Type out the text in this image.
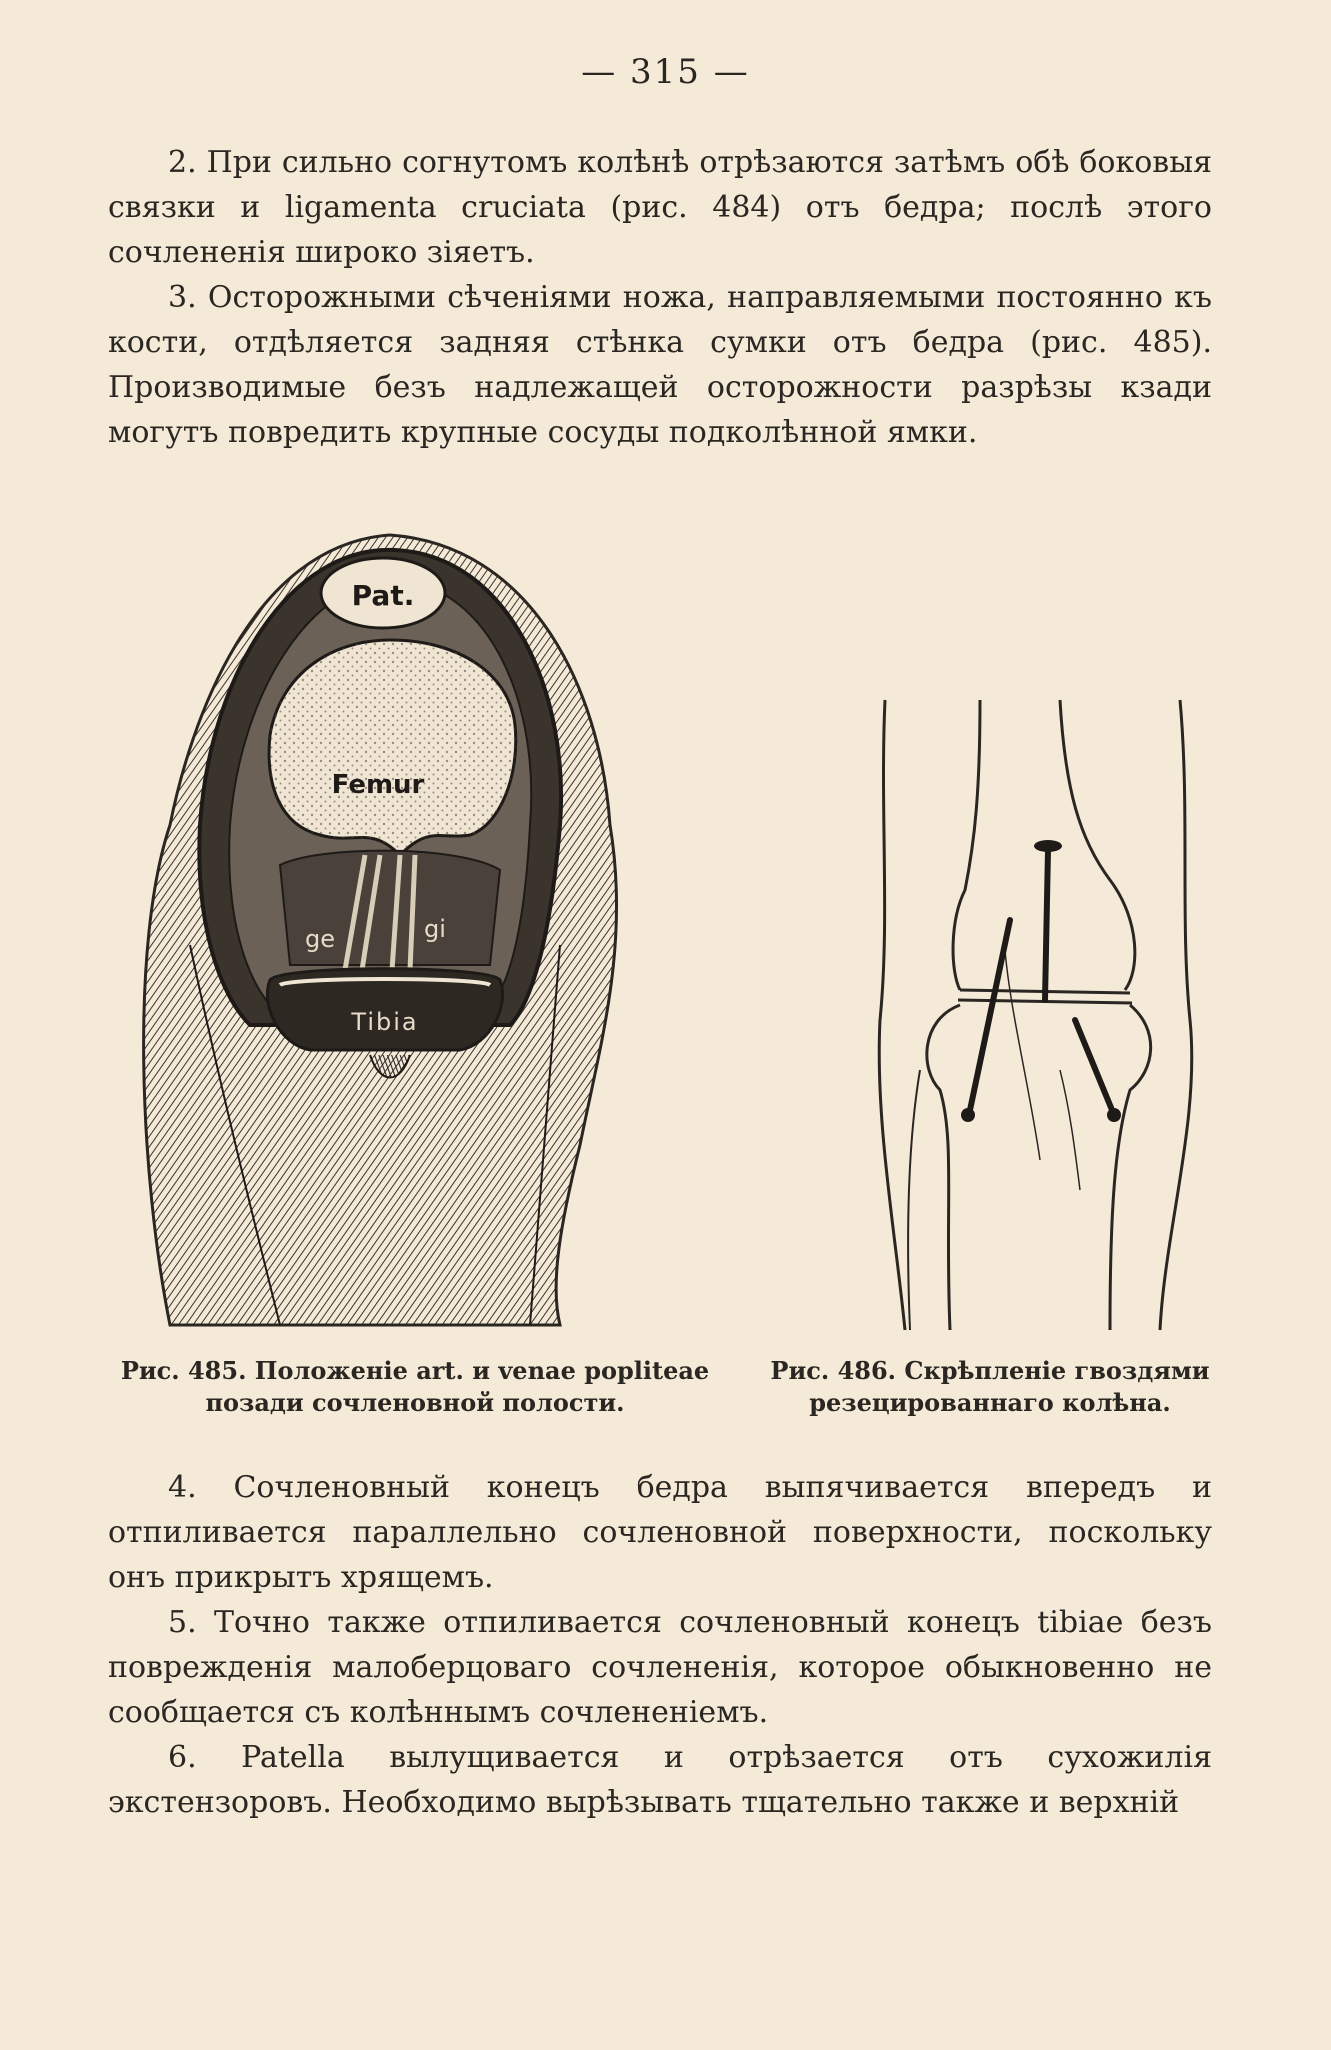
— 315 —

2. При сильно согнутомъ колѣнѣ отрѣзаются затѣмъ обѣ боковыя связки и ligamenta cruciata (рис. 484) отъ бедра; послѣ этого сочлененія широко зіяетъ.

3. Осторожными сѣченіями ножа, направляемыми постоянно къ кости, отдѣляется задняя стѣнка сумки отъ бедра (рис. 485). Производимые безъ надлежащей осторожности разрѣзы кзади могутъ повредить крупные сосуды подколѣнной ямки.

Pat.
Femur
ge	gi
Tibia
Рис. 485. Положеніе art. и venae popliteae позади сочленовной полости.
Рис. 486. Скрѣпленіе гвоздями резецированнаго колѣна.

4. Сочленовный конецъ бедра выпячивается впередъ и отпиливается параллельно сочленовной поверхности, поскольку онъ прикрытъ хрящемъ.

5. Точно также отпиливается сочленовный конецъ tibiae безъ поврежденія малоберцоваго сочлененія, которое обыкновенно не сообщается съ колѣннымъ сочлененіемъ.

6. Patella вылущивается и отрѣзается отъ сухожилія экстензоровъ. Необходимо вырѣзывать тщательно также и верхній
